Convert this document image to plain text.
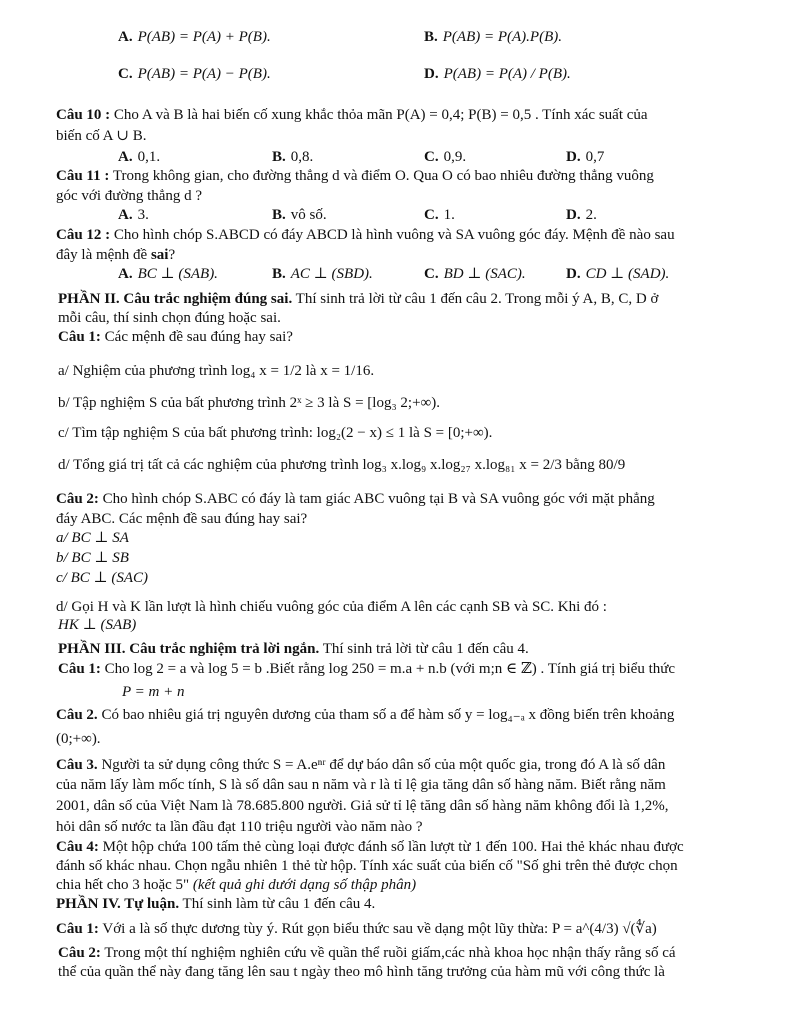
A. P(AB) = P(A) + P(B).	B. P(AB) = P(A).P(B).
C. P(AB) = P(A) − P(B).	D. P(AB) = P(A) / P(B).
Câu 10 : Cho A và B là hai biến cố xung khắc thỏa mãn P(A) = 0,4; P(B) = 0,5 . Tính xác suất của
biến cố A ∪ B.
A. 0,1.	B. 0,8.	C. 0,9.	D. 0,7
Câu 11 : Trong không gian, cho đường thẳng d và điểm O. Qua O có bao nhiêu đường thẳng vuông
góc với đường thẳng d ?
A. 3.	B. vô số.	C. 1.	D. 2.
Câu 12 : Cho hình chóp S.ABCD có đáy ABCD là hình vuông và SA vuông góc đáy. Mệnh đề nào sau
đây là mệnh đề sai?
A. BC ⊥ (SAB).	B. AC ⊥ (SBD).	C. BD ⊥ (SAC).	D. CD ⊥ (SAD).
PHẦN II. Câu trắc nghiệm đúng sai. Thí sinh trả lời từ câu 1 đến câu 2. Trong mỗi ý A, B, C, D ở
mỗi câu, thí sinh chọn đúng hoặc sai.
Câu 1: Các mệnh đề sau đúng hay sai?
a/ Nghiệm của phương trình log₄ x = 1/2 là x = 1/16.
b/ Tập nghiệm S của bất phương trình 2ˣ ≥ 3 là S = [log₃ 2;+∞).
c/ Tìm tập nghiệm S của bất phương trình: log₂(2 − x) ≤ 1 là S = [0;+∞).
d/ Tổng giá trị tất cả các nghiệm của phương trình log₃ x.log₉ x.log₂₇ x.log₈₁ x = 2/3 bằng 80/9
Câu 2: Cho hình chóp S.ABC có đáy là tam giác ABC vuông tại B và SA vuông góc với mặt phẳng
đáy ABC. Các mệnh đề sau đúng hay sai?
a/ BC ⊥ SA
b/ BC ⊥ SB
c/ BC ⊥ (SAC)
d/ Gọi H và K lần lượt là hình chiếu vuông góc của điểm A lên các cạnh SB và SC. Khi đó :
HK ⊥ (SAB)
PHẦN III. Câu trắc nghiệm trả lời ngắn. Thí sinh trả lời từ câu 1 đến câu 4.
Câu 1: Cho log 2 = a và log 5 = b .Biết rằng log 250 = m.a + n.b (với m;n ∈ ℤ) . Tính giá trị biểu thức
P = m + n
Câu 2. Có bao nhiêu giá trị nguyên dương của tham số a để hàm số y = log₄₋ₐ x đồng biến trên khoảng
(0;+∞).
Câu 3. Người ta sử dụng công thức S = A.eⁿʳ để dự báo dân số của một quốc gia, trong đó A là số dân
của năm lấy làm mốc tính, S là số dân sau n năm và r là tỉ lệ gia tăng dân số hàng năm. Biết rằng năm
2001, dân số của Việt Nam là 78.685.800 người. Giả sử tỉ lệ tăng dân số hàng năm không đổi là 1,2%,
hỏi dân số nước ta lần đầu đạt 110 triệu người vào năm nào ?
Câu 4: Một hộp chứa 100 tấm thẻ cùng loại được đánh số lần lượt từ 1 đến 100. Hai thẻ khác nhau được
đánh số khác nhau. Chọn ngẫu nhiên 1 thẻ từ hộp. Tính xác suất của biến cố "Số ghi trên thẻ được chọn
chia hết cho 3 hoặc 5" (kết quả ghi dưới dạng số thập phân)
PHẦN IV. Tự luận. Thí sinh làm từ câu 1 đến câu 4.
Câu 1: Với a là số thực dương tùy ý. Rút gọn biểu thức sau về dạng một lũy thừa: P = a^(4/3) √(∜a)
Câu 2: Trong một thí nghiệm nghiên cứu về quần thể ruồi giấm,các nhà khoa học nhận thấy rằng số cá
thể của quần thể này đang tăng lên sau t ngày theo mô hình tăng trưởng của hàm mũ với công thức là
